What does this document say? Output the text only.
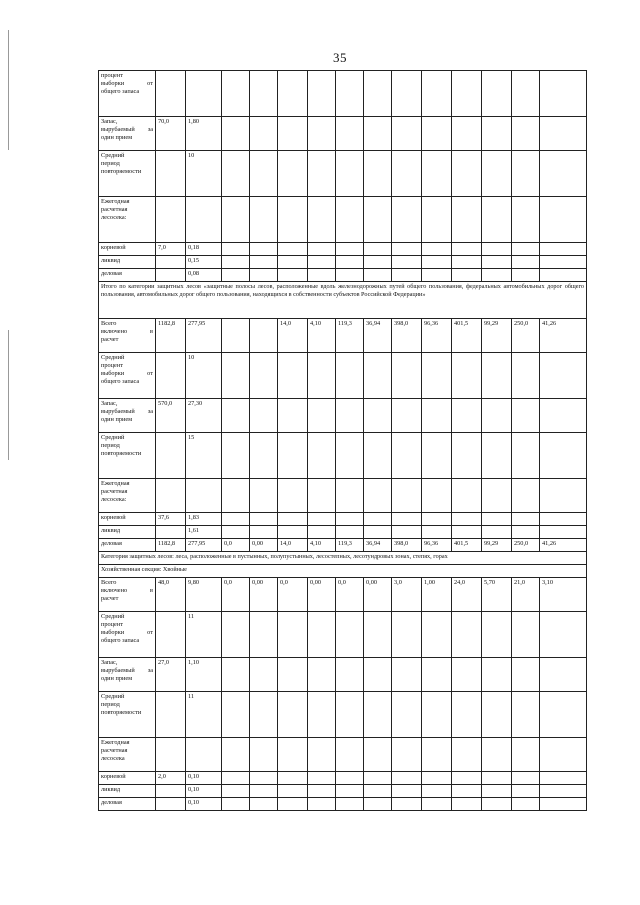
35
процент
выборки от
общего запаса														

Запас,
вырубаемый за
один прием	70,0	1,80												

Средний
период
повторяемости		10												

Ежегодная
расчетная
лесосека:														

корневой	7,0	0,18												

ликвид		0,15												

деловая		0,08												
Итого по категории защитных лесов «защитные полосы лесов, расположенные вдоль железнодорожных путей общего пользования, федеральных автомобильных дорог общего пользования, автомобильных дорог общего пользования, находящихся в собственности субъектов Российской Федерации»														

Всего
включено в
расчет	1182,8	277,95			14,0	4,10	119,3	36,94	398,0	96,36	401,5	99,29	250,0	41,26

Средний
процент
выборки от
общего запаса		10												

Запас,
вырубаемый за
один прием	570,0	27,30												

Средний
период
повторяемости		15												

Ежегодная
расчетная
лесосека:														

корневой	37,6	1,83												

ликвид		1,61												

деловая	1182,8	277,95	0,0	0,00	14,0	4,10	119,3	36,94	398,0	96,36	401,5	99,29	250,0	41,26
Категория защитных лесов: леса, расположенные в пустынных, полупустынных, лесостепных, лесотундровых зонах, степях, горах														
Хозяйственная секция: Хвойные														

Всего
включено в
расчет	48,0	9,80	0,0	0,00	0,0	0,00	0,0	0,00	3,0	1,00	24,0	5,70	21,0	3,10

Средний
процент
выборки от
общего запаса		11												

Запас,
вырубаемый за
один прием	27,0	1,10												

Средний
период
повторяемости		11												

Ежегодная
расчетная
лесосека														

корневой	2,0	0,10												

ликвид		0,10												

деловая		0,10												
